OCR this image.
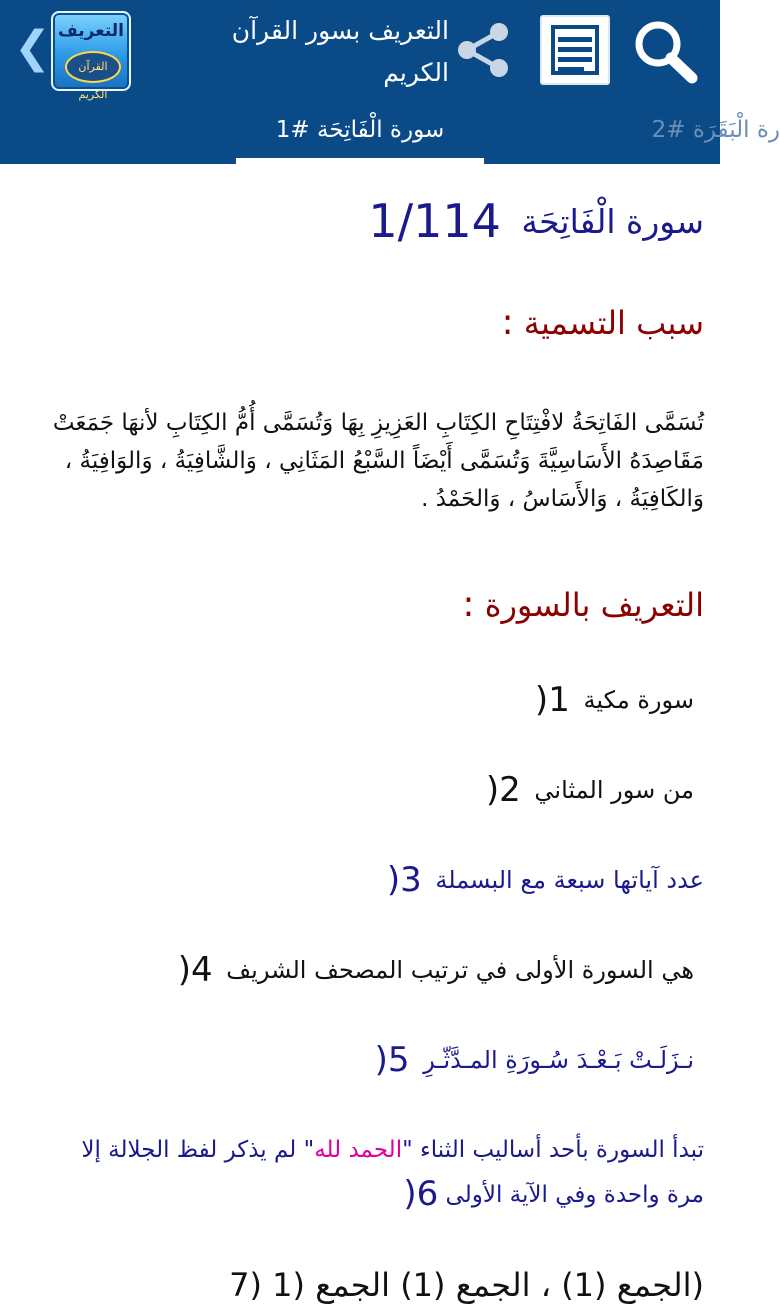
❮ التعريف
القرآن الكريم
التعريف بسور القرآن الكريم
سورة الْفَاتِحَة #1	رة الْبَقَرَة #2
سورة الْفَاتِحَة 1/114
سبب التسمية :
تُسَمَّى الفَاتِحَةُ لافْتِتَاحِ الكِتَابِ العَزِيزِ بِهَا وَتُسَمَّى أُمُّ الكِتَابِ لأنهَا جَمَعَتْ مَقَاصِدَهُ الأَسَاسِيَّةَ وَتُسَمَّى أَيْضَاً السَّبْعُ المَثَانِي ، وَالشَّافِيَةُ ، وَالوَافِيَةُ ، وَالكَافِيَةُ ، وَالأَسَاسُ ، وَالحَمْدُ .
التعريف بالسورة :
سورة مكية 1(
من سور المثاني 2(
عدد آياتها سبعة مع البسملة 3(
هي السورة الأولى في ترتيب المصحف الشريف 4(
نـزَلَـتْ بَـعْـدَ سُـورَةِ المـدَّثّـرِ 5(
تبدأ السورة بأحد أساليب الثناء "الحمد لله" لم يذكر لفظ الجلالة إلا مرة واحدة وفي الآية الأولى 6(
(الجمع (1) ، الجمع (1) الجمع (1 (7
